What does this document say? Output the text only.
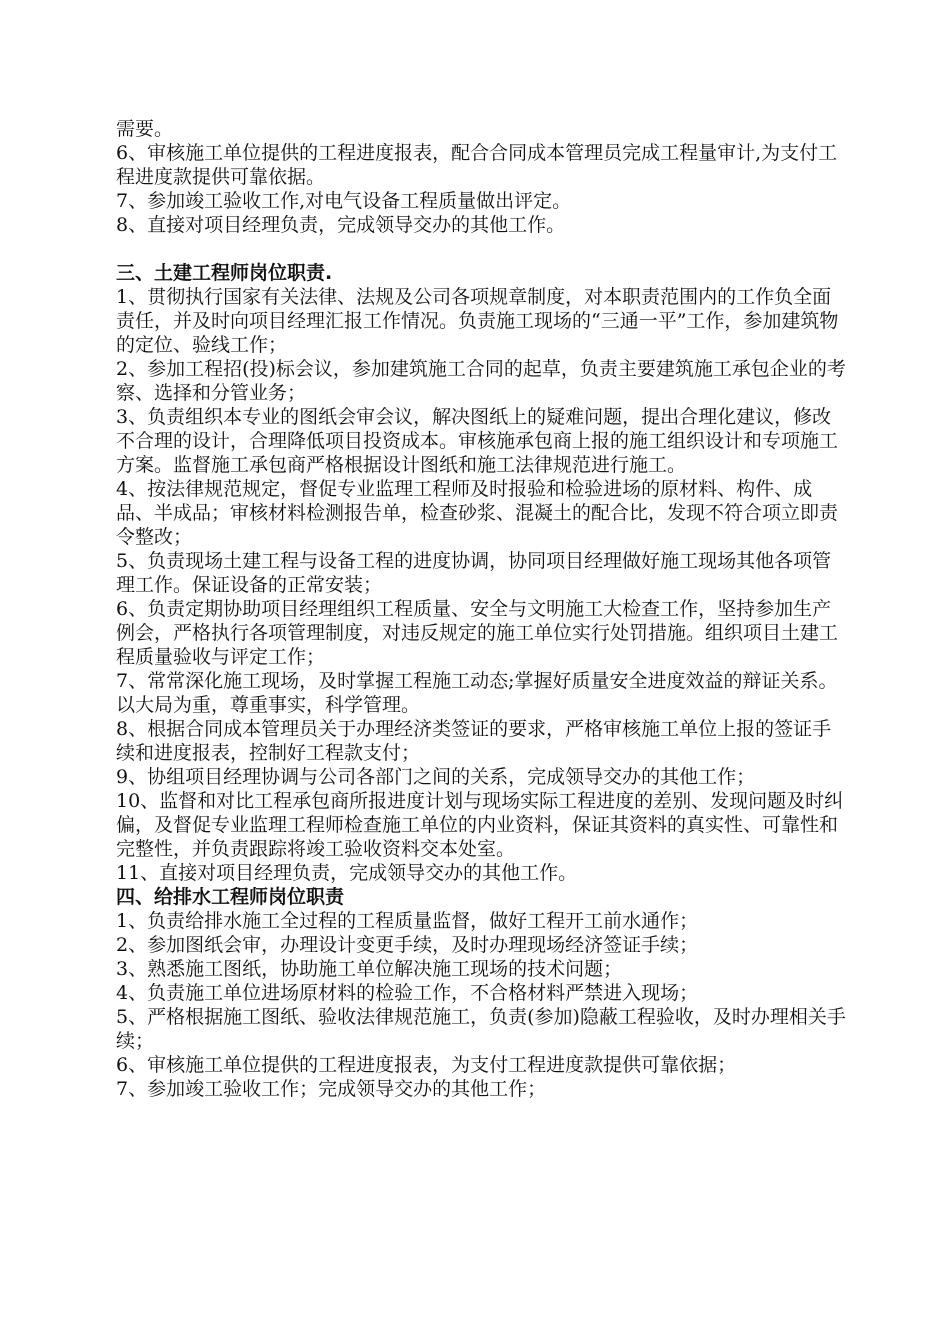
需要。

6、审核施工单位提供的工程进度报表，配合合同成本管理员完成工程量审计,为支付工程进度款提供可靠依据。

7、参加竣工验收工作,对电气设备工程质量做出评定。

8、直接对项目经理负责，完成领导交办的其他工作。

三、土建工程师岗位职责.

1、贯彻执行国家有关法律、法规及公司各项规章制度，对本职责范围内的工作负全面责任，并及时向项目经理汇报工作情况。负责施工现场的“三通一平”工作，参加建筑物的定位、验线工作；

2、参加工程招(投)标会议，参加建筑施工合同的起草，负责主要建筑施工承包企业的考察、选择和分管业务；

3、负责组织本专业的图纸会审会议，解决图纸上的疑难问题，提出合理化建议，修改不合理的设计，合理降低项目投资成本。审核施承包商上报的施工组织设计和专项施工方案。监督施工承包商严格根据设计图纸和施工法律规范进行施工。

4、按法律规范规定，督促专业监理工程师及时报验和检验进场的原材料、构件、成品、半成品；审核材料检测报告单，检查砂浆、混凝土的配合比，发现不符合项立即责令整改；

5、负责现场土建工程与设备工程的进度协调，协同项目经理做好施工现场其他各项管理工作。保证设备的正常安装；

6、负责定期协助项目经理组织工程质量、安全与文明施工大检查工作，坚持参加生产例会，严格执行各项管理制度，对违反规定的施工单位实行处罚措施。组织项目土建工程质量验收与评定工作；

7、常常深化施工现场，及时掌握工程施工动态;掌握好质量安全进度效益的辩证关系。以大局为重，尊重事实，科学管理。

8、根据合同成本管理员关于办理经济类签证的要求，严格审核施工单位上报的签证手续和进度报表，控制好工程款支付；

9、协组项目经理协调与公司各部门之间的关系，完成领导交办的其他工作；

10、监督和对比工程承包商所报进度计划与现场实际工程进度的差别、发现问题及时纠偏，及督促专业监理工程师检查施工单位的内业资料，保证其资料的真实性、可靠性和完整性，并负责跟踪将竣工验收资料交本处室。

11、直接对项目经理负责，完成领导交办的其他工作。

四、给排水工程师岗位职责

1、负责给排水施工全过程的工程质量监督，做好工程开工前水通作；

2、参加图纸会审，办理设计变更手续，及时办理现场经济签证手续；

3、熟悉施工图纸，协助施工单位解决施工现场的技术问题；

4、负责施工单位进场原材料的检验工作，不合格材料严禁进入现场；

5、严格根据施工图纸、验收法律规范施工，负责(参加)隐蔽工程验收，及时办理相关手续；

6、审核施工单位提供的工程进度报表，为支付工程进度款提供可靠依据；

7、参加竣工验收工作；完成领导交办的其他工作；
